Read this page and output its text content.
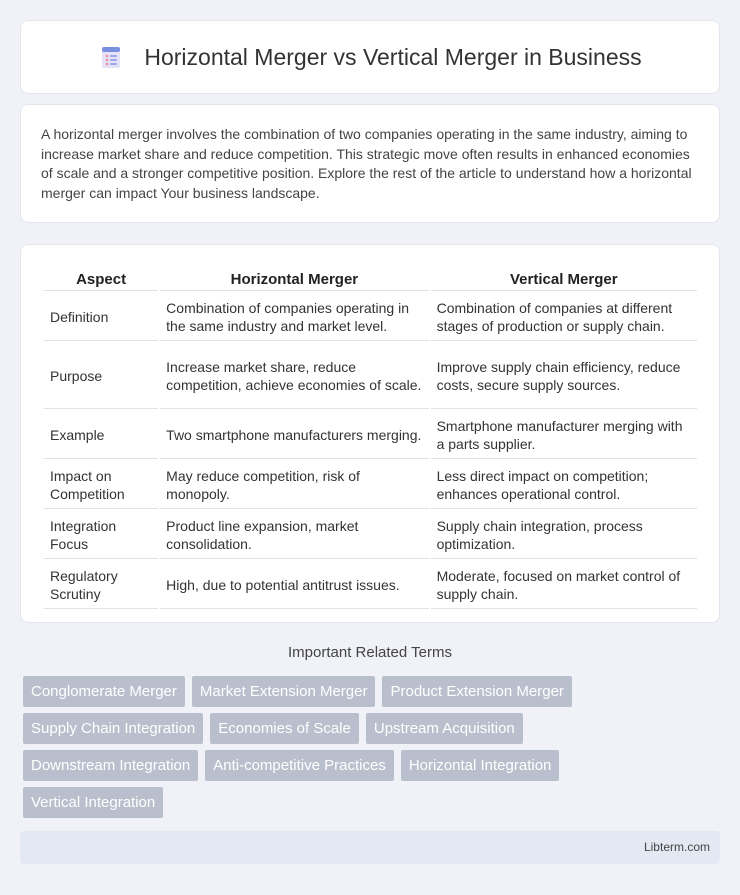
Horizontal Merger vs Vertical Merger in Business

A horizontal merger involves the combination of two companies operating in the same industry, aiming to increase market share and reduce competition. This strategic move often results in enhanced economies of scale and a stronger competitive position. Explore the rest of the article to understand how a horizontal merger can impact Your business landscape.

Aspect	Horizontal Merger	Vertical Merger
Definition	Combination of companies operating in the same industry and market level.	Combination of companies at different stages of production or supply chain.
Purpose	Increase market share, reduce competition, achieve economies of scale.	Improve supply chain efficiency, reduce costs, secure supply sources.
Example	Two smartphone manufacturers merging.	Smartphone manufacturer merging with a parts supplier.
Impact on Competition	May reduce competition, risk of monopoly.	Less direct impact on competition; enhances operational control.
Integration Focus	Product line expansion, market consolidation.	Supply chain integration, process optimization.
Regulatory Scrutiny	High, due to potential antitrust issues.	Moderate, focused on market control of supply chain.
Important Related Terms
Conglomerate Merger	Market Extension Merger	Product Extension Merger
Supply Chain Integration	Economies of Scale	Upstream Acquisition
Downstream Integration	Anti-competitive Practices	Horizontal Integration
Vertical Integration
Libterm.com
